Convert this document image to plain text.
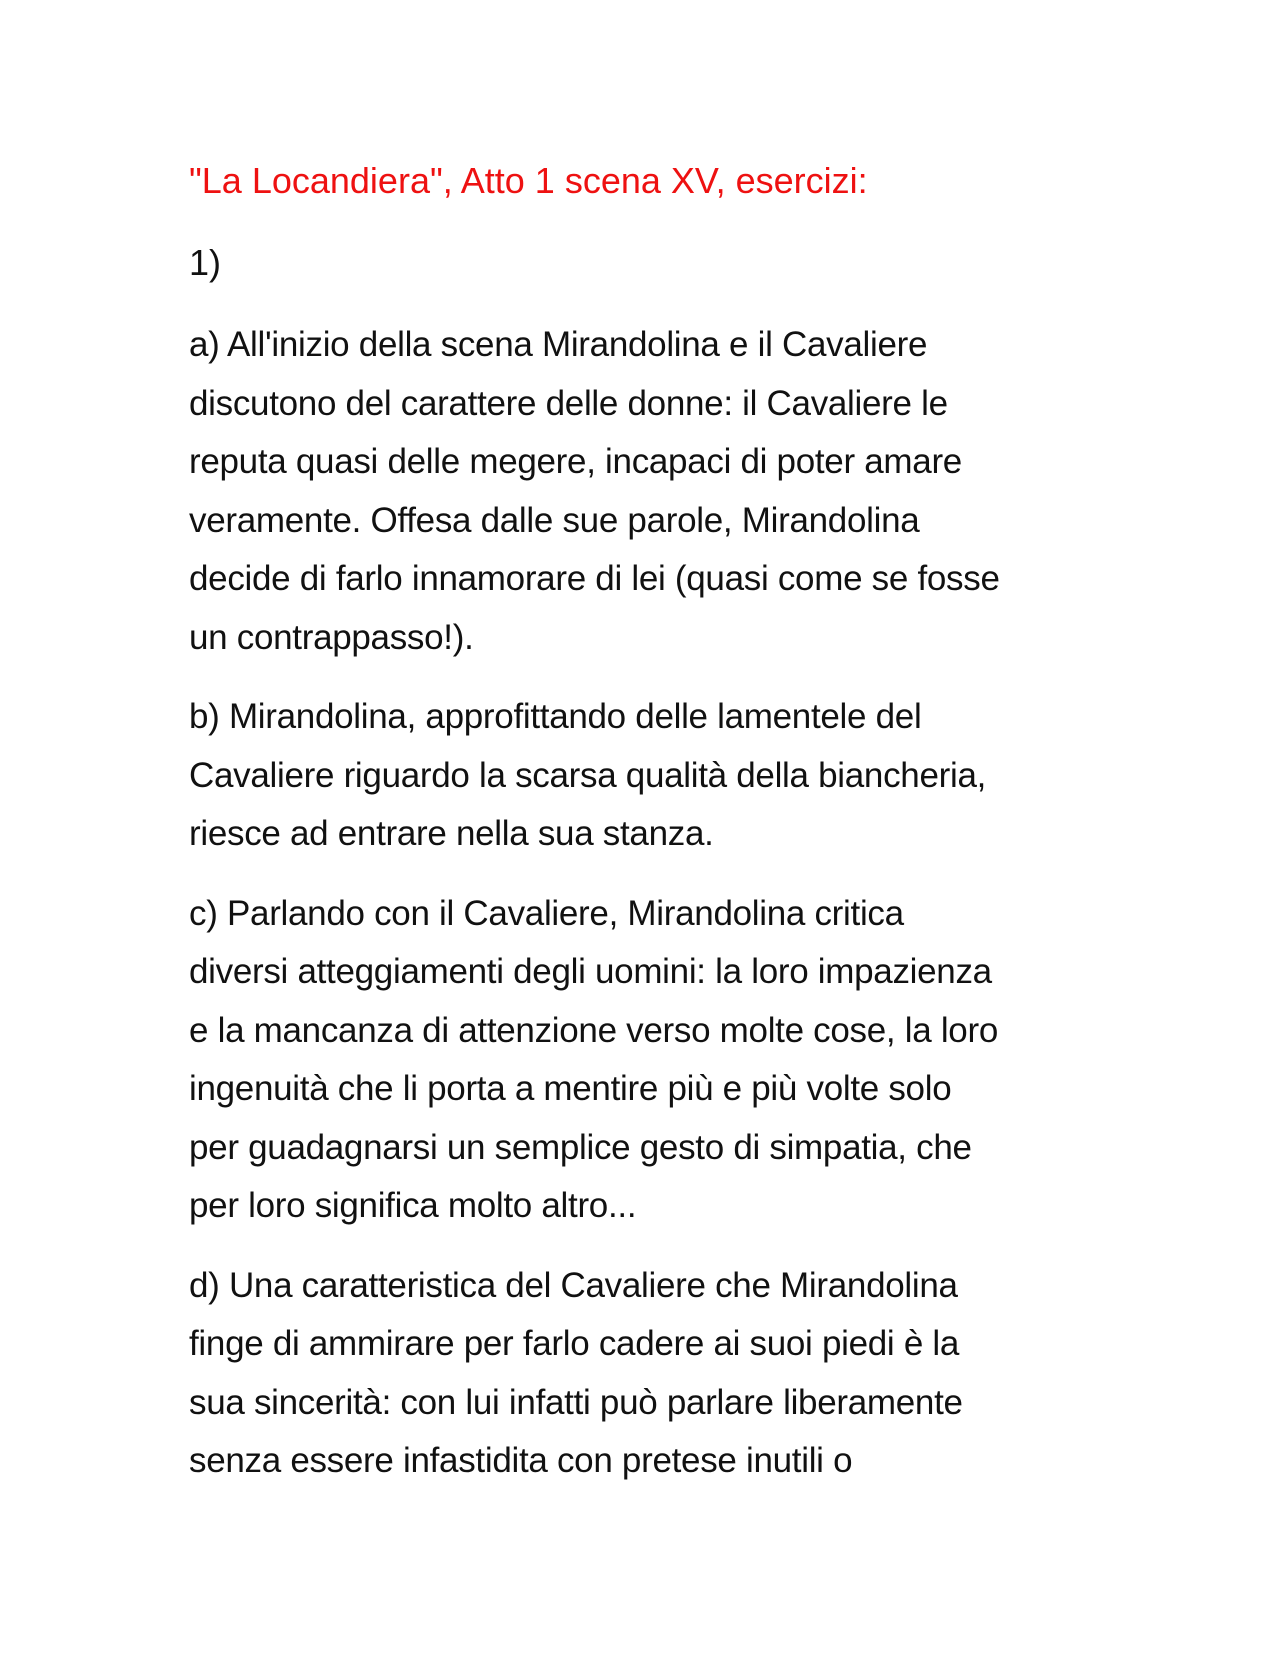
"La Locandiera", Atto 1 scena XV, esercizi:
1)
a) All'inizio della scena Mirandolina e il Cavaliere
discutono del carattere delle donne: il Cavaliere le
reputa quasi delle megere, incapaci di poter amare
veramente. Offesa dalle sue parole, Mirandolina
decide di farlo innamorare di lei (quasi come se fosse
un contrappasso!).
b) Mirandolina, approfittando delle lamentele del
Cavaliere riguardo la scarsa qualità della biancheria,
riesce ad entrare nella sua stanza.
c) Parlando con il Cavaliere, Mirandolina critica
diversi atteggiamenti degli uomini: la loro impazienza
e la mancanza di attenzione verso molte cose, la loro
ingenuità che li porta a mentire più e più volte solo
per guadagnarsi un semplice gesto di simpatia, che
per loro significa molto altro...
d) Una caratteristica del Cavaliere che Mirandolina
finge di ammirare per farlo cadere ai suoi piedi è la
sua sincerità: con lui infatti può parlare liberamente
senza essere infastidita con pretese inutili o
